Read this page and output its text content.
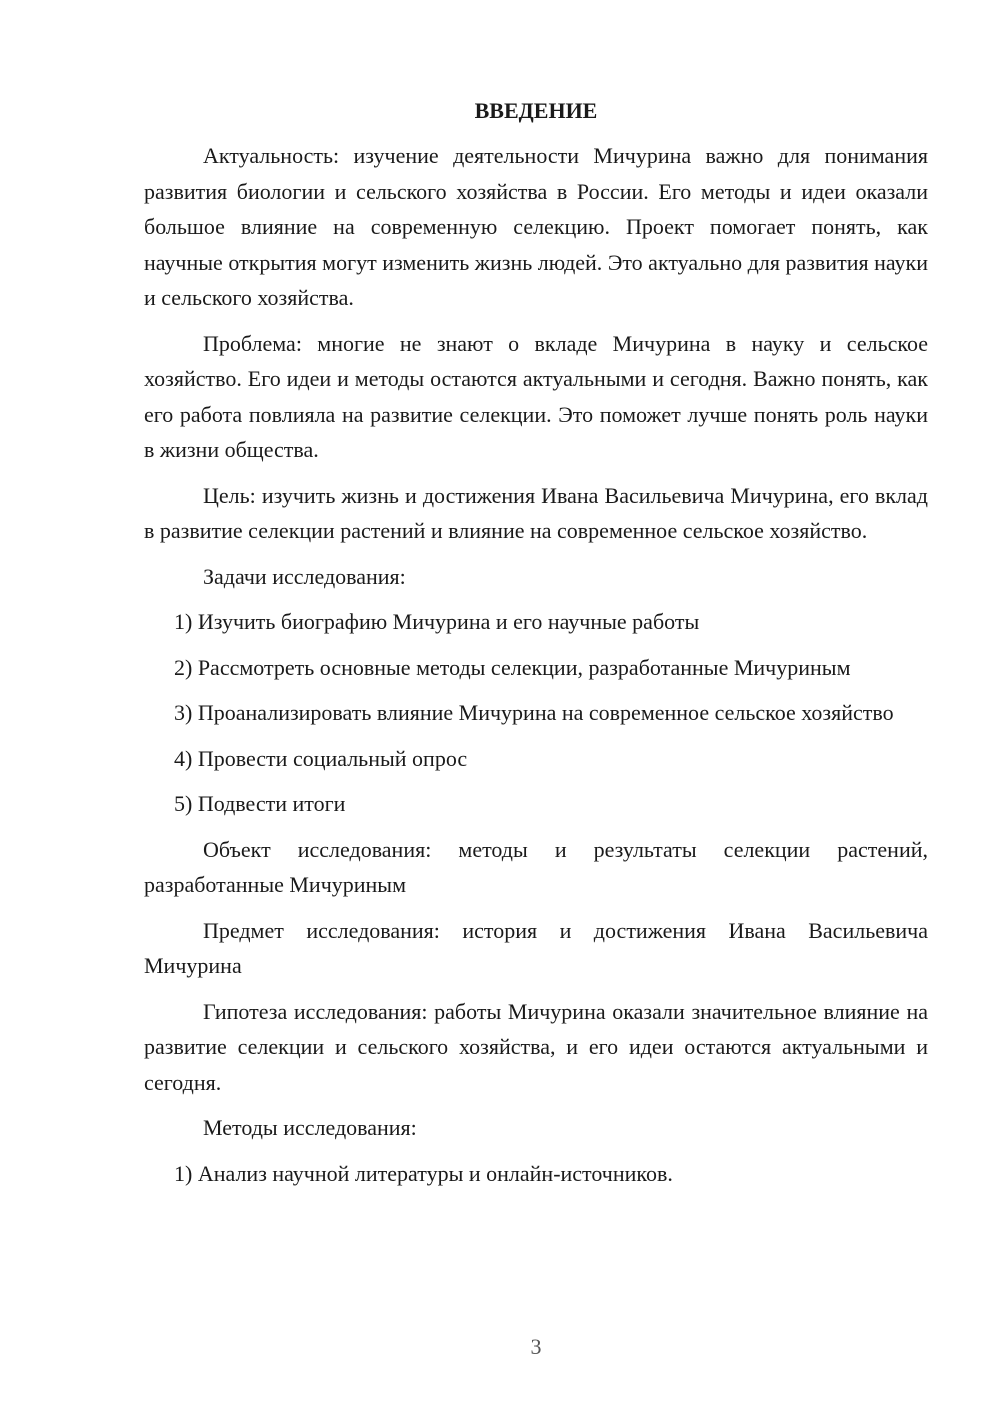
ВВЕДЕНИЕ

Актуальность: изучение деятельности Мичурина важно для понимания развития биологии и сельского хозяйства в России. Его методы и идеи оказали большое влияние на современную селекцию. Проект помогает понять, как научные открытия могут изменить жизнь людей. Это актуально для развития науки и сельского хозяйства.

Проблема: многие не знают о вкладе Мичурина в науку и сельское хозяйство. Его идеи и методы остаются актуальными и сегодня. Важно понять, как его работа повлияла на развитие селекции. Это поможет лучше понять роль науки в жизни общества.

Цель: изучить жизнь и достижения Ивана Васильевича Мичурина, его вклад в развитие селекции растений и влияние на современное сельское хозяйство.

Задачи исследования:

1) Изучить биографию Мичурина и его научные работы

2) Рассмотреть основные методы селекции, разработанные Мичуриным

3) Проанализировать влияние Мичурина на современное сельское хозяйство

4) Провести социальный опрос

5) Подвести итоги

Объект исследования: методы и результаты селекции растений, разработанные Мичуриным

Предмет исследования: история и достижения Ивана Васильевича Мичурина

Гипотеза исследования: работы Мичурина оказали значительное влияние на развитие селекции и сельского хозяйства, и его идеи остаются актуальными и сегодня.

Методы исследования:

1) Анализ научной литературы и онлайн-источников.

3
